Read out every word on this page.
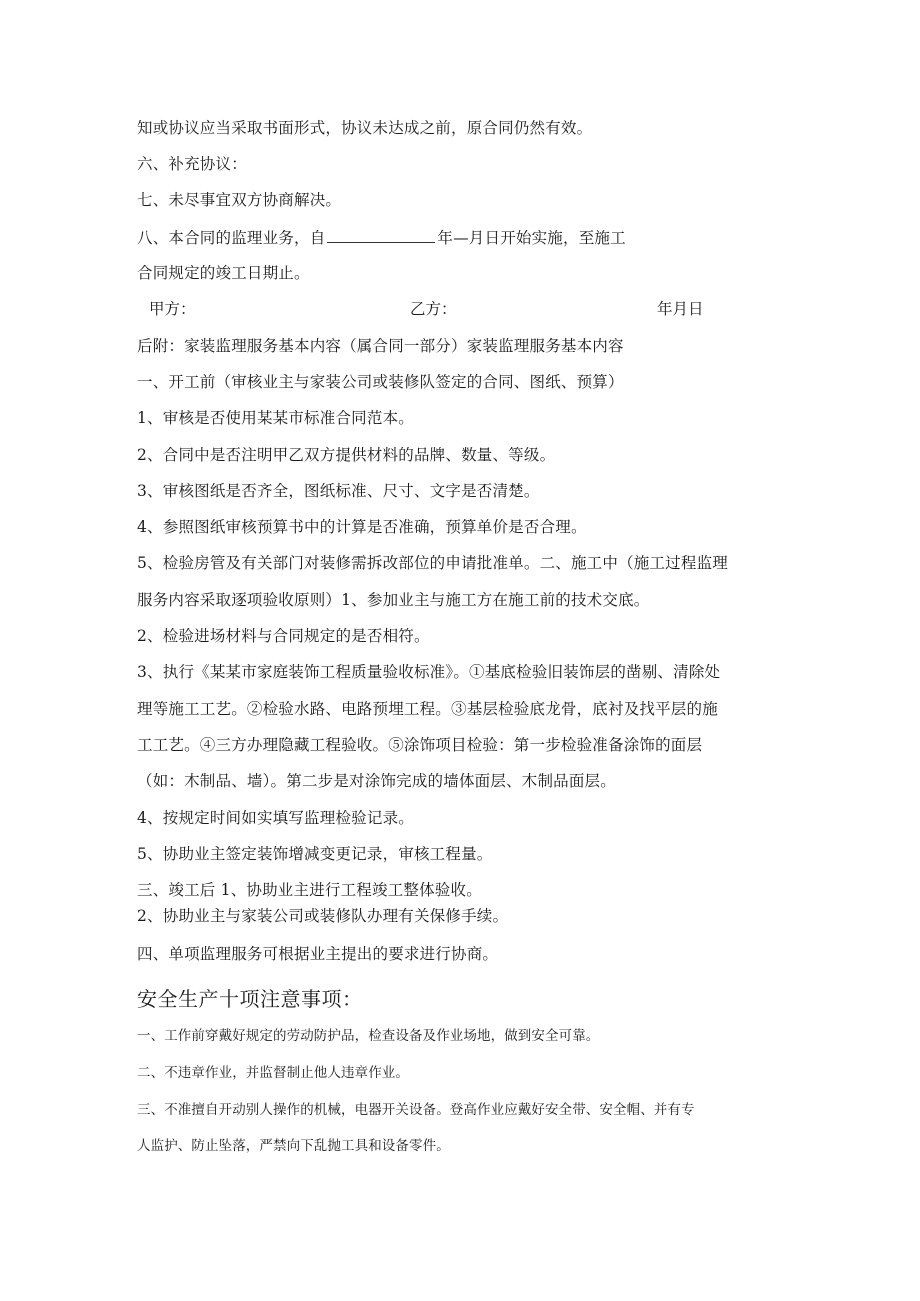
知或协议应当采取书面形式，协议未达成之前，原合同仍然有效。
六、补充协议：
七、未尽事宜双方协商解决。
八、本合同的监理业务，自	年—月日开始实施，至施工
合同规定的竣工日期止。
甲方：	乙方：	年月日
后附：家装监理服务基本内容（属合同一部分）家装监理服务基本内容
一、开工前（审核业主与家装公司或装修队签定的合同、图纸、预算）
1、审核是否使用某某市标准合同范本。
2、合同中是否注明甲乙双方提供材料的品牌、数量、等级。
3、审核图纸是否齐全，图纸标准、尺寸、文字是否清楚。
4、参照图纸审核预算书中的计算是否准确，预算单价是否合理。
5、检验房管及有关部门对装修需拆改部位的申请批准单。二、施工中（施工过程监理
服务内容采取逐项验收原则）1、参加业主与施工方在施工前的技术交底。
2、检验进场材料与合同规定的是否相符。
3、执行《某某市家庭装饰工程质量验收标准》。①基底检验旧装饰层的凿剔、清除处
理等施工工艺。②检验水路、电路预埋工程。③基层检验底龙骨，底衬及找平层的施
工工艺。④三方办理隐藏工程验收。⑤涂饰项目检验：第一步检验准备涂饰的面层
（如：木制品、墙）。第二步是对涂饰完成的墙体面层、木制品面层。
4、按规定时间如实填写监理检验记录。
5、协助业主签定装饰增减变更记录，审核工程量。
三、竣工后 1、协助业主进行工程竣工整体验收。
2、协助业主与家装公司或装修队办理有关保修手续。
四、单项监理服务可根据业主提出的要求进行协商。
安全生产十项注意事项：
一、工作前穿戴好规定的劳动防护品，检查设备及作业场地，做到安全可靠。
二、不违章作业，并监督制止他人违章作业。
三、不准擅自开动别人操作的机械，电器开关设备。登高作业应戴好安全带、安全帽、并有专
人监护、防止坠落，严禁向下乱抛工具和设备零件。
